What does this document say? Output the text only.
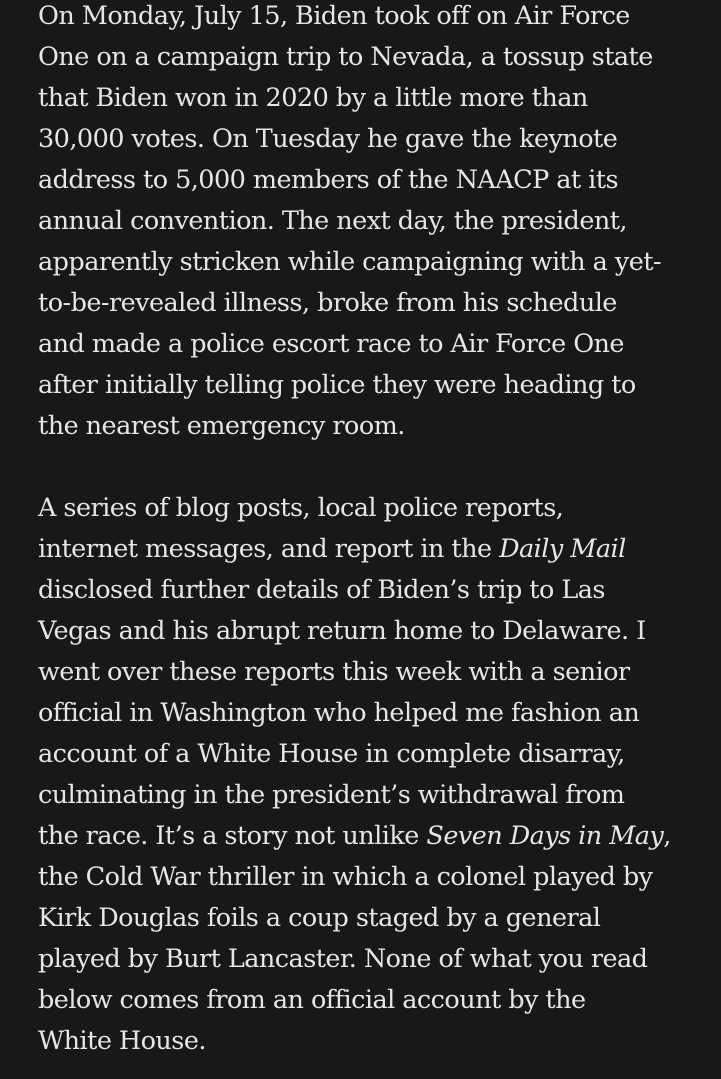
On Monday, July 15, Biden took off on Air Force
One on a campaign trip to Nevada, a tossup state
that Biden won in 2020 by a little more than
30,000 votes. On Tuesday he gave the keynote
address to 5,000 members of the NAACP at its
annual convention. The next day, the president,
apparently stricken while campaigning with a yet-
to-be-revealed illness, broke from his schedule
and made a police escort race to Air Force One
after initially telling police they were heading to
the nearest emergency room.

A series of blog posts, local police reports,
internet messages, and report in the Daily Mail
disclosed further details of Biden’s trip to Las
Vegas and his abrupt return home to Delaware. I
went over these reports this week with a senior
official in Washington who helped me fashion an
account of a White House in complete disarray,
culminating in the president’s withdrawal from
the race. It’s a story not unlike Seven Days in May,
the Cold War thriller in which a colonel played by
Kirk Douglas foils a coup staged by a general
played by Burt Lancaster. None of what you read
below comes from an official account by the
White House.
